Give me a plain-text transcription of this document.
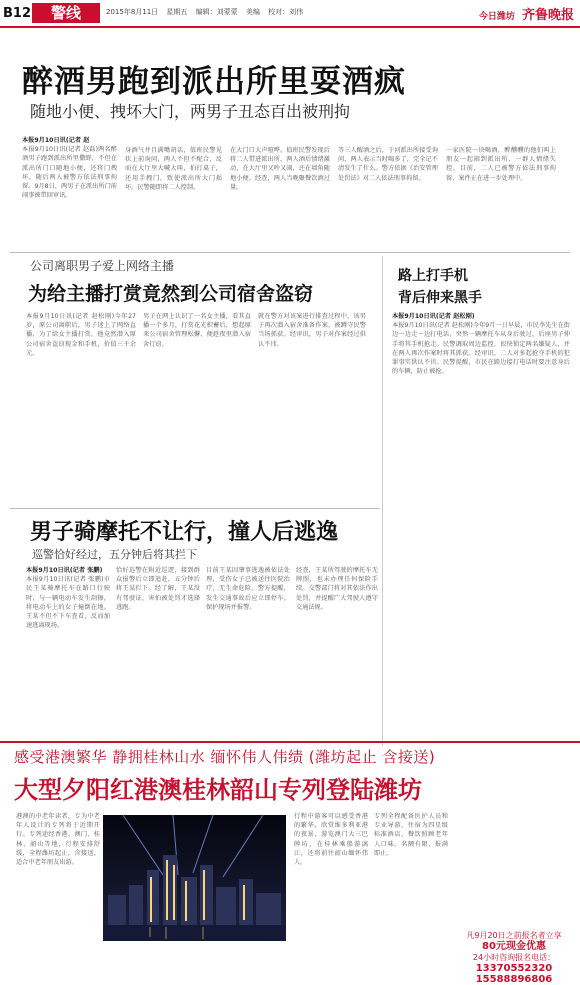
B12	警线	2015年8月11日 星期五 编辑：刘蒙蒙 美编 校对：刘伟	今日潍坊 齐鲁晚报
醉酒男跑到派出所里耍酒疯
随地小便、拽坏大门，两男子丑态百出被刑拘
本报9月10日讯(记者 赵
本报9月10日讯(记者 赵磊)两名醉酒男子跑到派出所里撒野，不但在派出所门口随地小便，还将门拽坏，随后两人被警方依法刑事拘留。9月8日，两男子在派出所门前闹事被带回审讯。
身酒气并且满嘴胡话，值班民警见状上前询问，两人不但不配合，反而在大厅里大喊大叫，拍打桌子，还用手拽门，致使派出所大门损坏。民警随即将二人控制。
在大门口大声喧哗。值班民警发现后将二人带进派出所，两人酒后情绪激动，在大厅里又吵又闹，还在墙角随地小便。经查，两人当晚聚餐饮酒过量。
等三人醒酒之后，于河派出所接受询问，两人表示当时喝多了，完全记不清发生了什么。警方依据《治安管理处罚法》对二人依法刑事拘留。
一家医院一块喝酒，醉醺醺的他们叫上朋友一起闹到派出所，一群人情绪失控。目前，二人已被警方依法刑事拘留，案件正在进一步处理中。
公司离职男子爱上网络主播
为给主播打赏竟然到公司宿舍盗窃
本报9月10日讯(记者 赵松刚)今年27岁，原公司离职后，男子迷上了网络直播，为了给女主播打赏，他竟然潜入原公司宿舍盗窃现金和手机，价值三千余元。
男子在网上认识了一名女主播，看其直播一个多月，打赏花光积蓄后，想起原来公司宿舍管理松懈，便趁夜里潜入宿舍行窃。
就在警方对该案进行排查过程中，该男子再次潜入宿舍准备作案，被蹲守民警当场抓获。经审讯，男子对作案经过供认不讳。
路上打手机
背后伸来黑手
本报9月10日讯(记者 赵松刚)
本报9月10日讯(记者 赵松刚)今年9月一日早晨，市民李先生在街边一边走一边打电话，突然一辆摩托车从身后驶过，后座男子伸手将其手机抢走。民警调取周边监控，很快锁定两名嫌疑人，并在两人再次作案时将其抓获。经审讯，二人对多起抢夺手机的犯罪事实供认不讳。民警提醒，市民在路边接打电话时要注意身后的车辆，防止被抢。
男子骑摩托不让行，撞人后逃逸
巡警恰好经过，五分钟后将其拦下
本报9月10日讯(记者 张鹏)
本报9月10日讯(记者 张鹏)市民王某骑摩托车在路口行驶时，与一辆电动车发生刮擦，将电动车上的女子撞倒在地。王某不但不下车查看，反而加速逃离现场。
恰好巡警在附近巡逻，接到群众报警后立即追赶，五分钟后将王某拦下。经了解，王某没有驾驶证，害怕被处罚才选择逃跑。
目前王某因肇事逃逸被依法处理，受伤女子已被送往医院治疗，无生命危险。警方提醒，发生交通事故后应立即停车，保护现场并报警。
经查，王某所驾驶的摩托车无牌照，也未办理任何保险手续。交警部门将对其依法作出处罚，并提醒广大驾驶人遵守交通法规。
感受港澳繁华 静拥桂林山水 缅怀伟人伟绩 (潍坊起止 含接送)
大型夕阳红港澳桂林韶山专列登陆潍坊
港澳的中老年读者，专为中老年人设计的专列将于近期开行。专列途经香港、澳门、桂林、韶山等地，行程安排舒缓，全程潍坊起止，含接送，适合中老年朋友出游。
行程中游客可以感受香港的繁华，欣赏维多利亚港的夜景，游览澳门大三巴牌坊，在桂林乘船游漓江，还将前往韶山缅怀伟人。
专列全程配备医护人员和专业导游，住宿为四星级标准酒店，餐饮照顾老年人口味。名额有限，报满即止。
凡9月20日之前报名者立享
80元现金优惠
24小时咨询报名电话：
13370552320 15588896806
